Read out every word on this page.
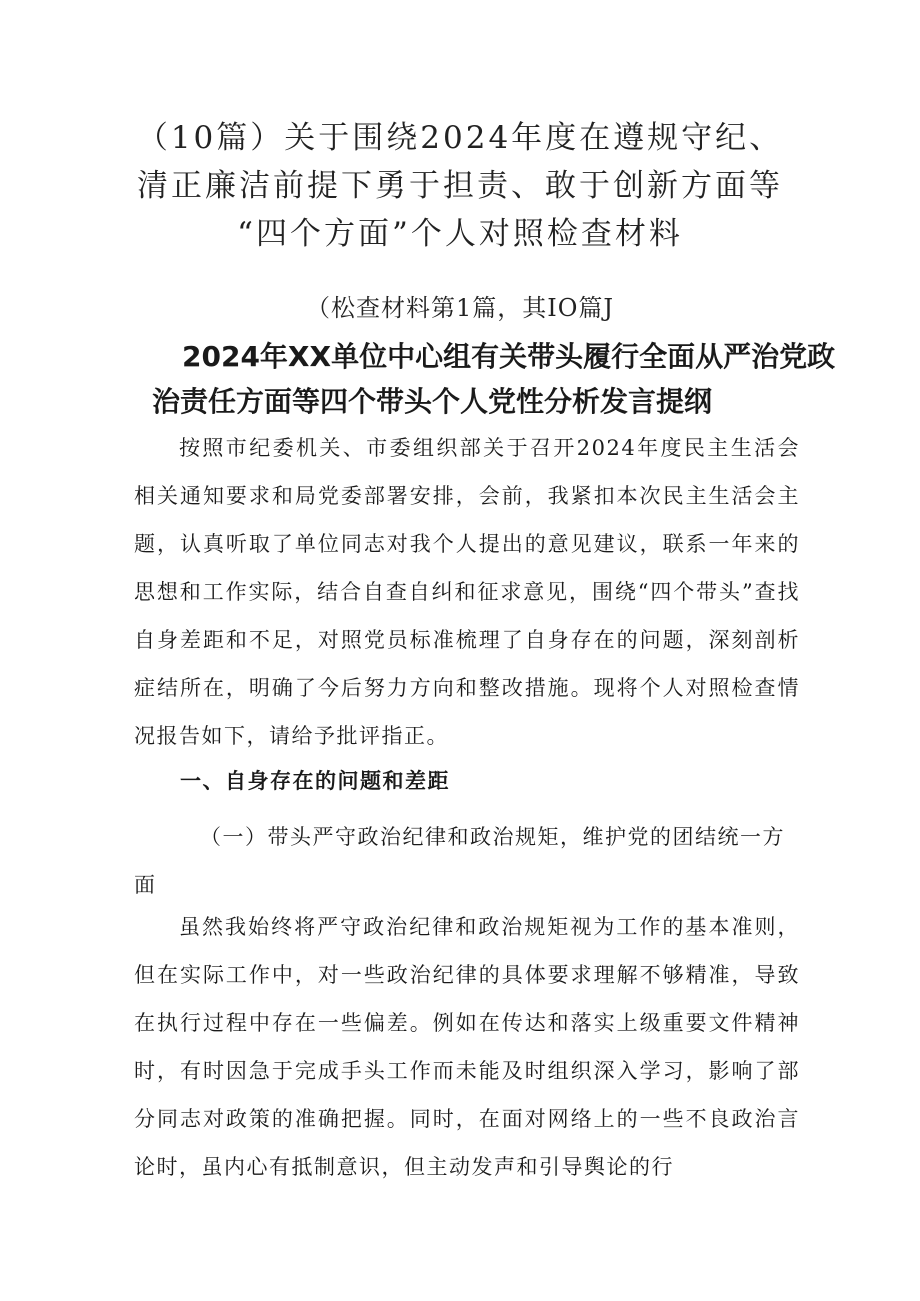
（10篇）关于围绕2024年度在遵规守纪、
清正廉洁前提下勇于担责、敢于创新方面等
“四个方面”个人对照检查材料
（松查材料第1篇，其IO篇J
2024年XX单位中心组有关带头履行全面从严治党政
治责任方面等四个带头个人党性分析发言提纲
按照市纪委机关、市委组织部关于召开2024年度民主生活会相关通知要求和局党委部署安排，会前，我紧扣本次民主生活会主题，认真听取了单位同志对我个人提出的意见建议，联系一年来的思想和工作实际，结合自查自纠和征求意见，围绕“四个带头”查找自身差距和不足，对照党员标准梳理了自身存在的问题，深刻剖析症结所在，明确了今后努力方向和整改措施。现将个人对照检查情况报告如下，请给予批评指正。
一、自身存在的问题和差距
（一）带头严守政治纪律和政治规矩，维护党的团结统一方面
虽然我始终将严守政治纪律和政治规矩视为工作的基本准则，但在实际工作中，对一些政治纪律的具体要求理解不够精准，导致在执行过程中存在一些偏差。例如在传达和落实上级重要文件精神时，有时因急于完成手头工作而未能及时组织深入学习，影响了部分同志对政策的准确把握。同时，在面对网络上的一些不良政治言论时，虽内心有抵制意识，但主动发声和引导舆论的行
